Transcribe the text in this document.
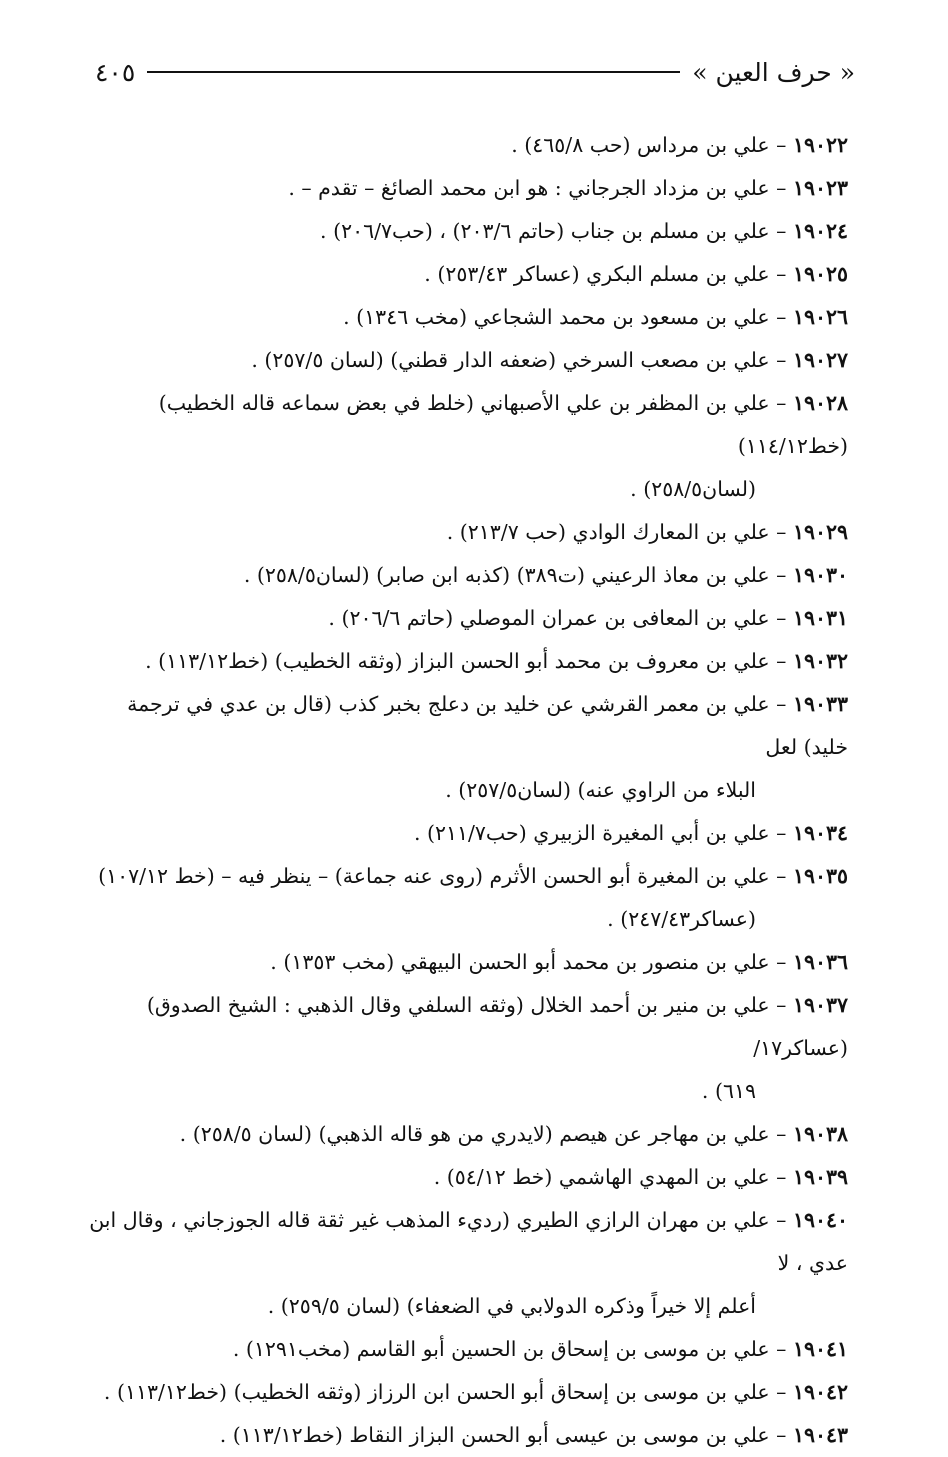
« حرف العين »
٤٠٥
١٩٠٢٢ – علي بن مرداس (حب ٤٦٥/٨) .
١٩٠٢٣ – علي بن مزداد الجرجاني : هو ابن محمد الصائغ – تقدم – .
١٩٠٢٤ – علي بن مسلم بن جناب (حاتم ٢٠٣/٦) ، (حب٢٠٦/٧) .
١٩٠٢٥ – علي بن مسلم البكري (عساكر ٢٥٣/٤٣) .
١٩٠٢٦ – علي بن مسعود بن محمد الشجاعي (مخب ١٣٤٦) .
١٩٠٢٧ – علي بن مصعب السرخي (ضعفه الدار قطني) (لسان ٢٥٧/٥) .
١٩٠٢٨ – علي بن المظفر بن علي الأصبهاني (خلط في بعض سماعه قاله الخطيب) (خط١١٤/١٢)
(لسان٢٥٨/٥) .
١٩٠٢٩ – علي بن المعارك الوادي (حب ٢١٣/٧) .
١٩٠٣٠ – علي بن معاذ الرعيني (ت٣٨٩) (كذبه ابن صابر) (لسان٢٥٨/٥) .
١٩٠٣١ – علي بن المعافى بن عمران الموصلي (حاتم ٢٠٦/٦) .
١٩٠٣٢ – علي بن معروف بن محمد أبو الحسن البزاز (وثقه الخطيب) (خط١١٣/١٢) .
١٩٠٣٣ – علي بن معمر القرشي عن خليد بن دعلج بخبر كذب (قال بن عدي في ترجمة خليد) لعل
البلاء من الراوي عنه) (لسان٢٥٧/٥) .
١٩٠٣٤ – علي بن أبي المغيرة الزبيري (حب٢١١/٧) .
١٩٠٣٥ – علي بن المغيرة أبو الحسن الأثرم (روى عنه جماعة) – ينظر فيه – (خط ١٠٧/١٢)
(عساكر٢٤٧/٤٣) .
١٩٠٣٦ – علي بن منصور بن محمد أبو الحسن البيهقي (مخب ١٣٥٣) .
١٩٠٣٧ – علي بن منير بن أحمد الخلال (وثقه السلفي وقال الذهبي : الشيخ الصدوق) (عساكر١٧/
٦١٩) .
١٩٠٣٨ – علي بن مهاجر عن هيصم (لايدري من هو قاله الذهبي) (لسان ٢٥٨/٥) .
١٩٠٣٩ – علي بن المهدي الهاشمي (خط ٥٤/١٢) .
١٩٠٤٠ – علي بن مهران الرازي الطيري (رديء المذهب غير ثقة قاله الجوزجاني ، وقال ابن عدي ، لا
أعلم إلا خيراً وذكره الدولابي في الضعفاء) (لسان ٢٥٩/٥) .
١٩٠٤١ – علي بن موسى بن إسحاق بن الحسين أبو القاسم (مخب١٢٩١) .
١٩٠٤٢ – علي بن موسى بن إسحاق أبو الحسن ابن الرزاز (وثقه الخطيب) (خط١١٣/١٢) .
١٩٠٤٣ – علي بن موسى بن عيسى أبو الحسن البزاز النقاط (خط١١٣/١٢) .
